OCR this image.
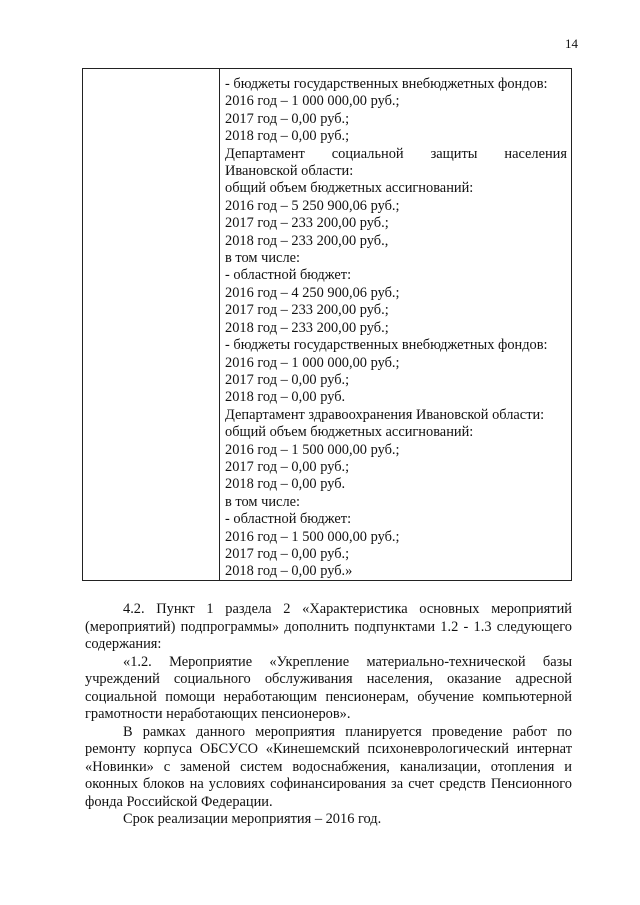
14
- бюджеты государственных внебюджетных фондов:
2016 год – 1 000 000,00 руб.;
2017 год – 0,00 руб.;
2018 год – 0,00 руб.;
Департамент социальной защиты населения
Ивановской области:
общий объем бюджетных ассигнований:
2016 год – 5 250 900,06 руб.;
2017 год – 233 200,00 руб.;
2018 год – 233 200,00 руб.,
в том числе:
- областной бюджет:
2016 год – 4 250 900,06 руб.;
2017 год – 233 200,00 руб.;
2018 год – 233 200,00 руб.;
- бюджеты государственных внебюджетных фондов:
2016 год – 1 000 000,00 руб.;
2017 год – 0,00 руб.;
2018 год – 0,00 руб.
Департамент здравоохранения Ивановской области:
общий объем бюджетных ассигнований:
2016 год – 1 500 000,00 руб.;
2017 год – 0,00 руб.;
2018 год – 0,00 руб.
в том числе:
- областной бюджет:
2016 год – 1 500 000,00 руб.;
2017 год – 0,00 руб.;
2018 год – 0,00 руб.»

4.2. Пункт 1 раздела 2 «Характеристика основных мероприятий (мероприятий) подпрограммы» дополнить подпунктами 1.2 - 1.3 следующего содержания:

«1.2. Мероприятие «Укрепление материально-технической базы учреждений социального обслуживания населения, оказание адресной социальной помощи неработающим пенсионерам, обучение компьютерной грамотности неработающих пенсионеров».

В рамках данного мероприятия планируется проведение работ по ремонту корпуса ОБСУСО «Кинешемский психоневрологический интернат «Новинки» с заменой систем водоснабжения, канализации, отопления и оконных блоков на условиях софинансирования за счет средств Пенсионного фонда Российской Федерации.

Срок реализации мероприятия – 2016 год.
